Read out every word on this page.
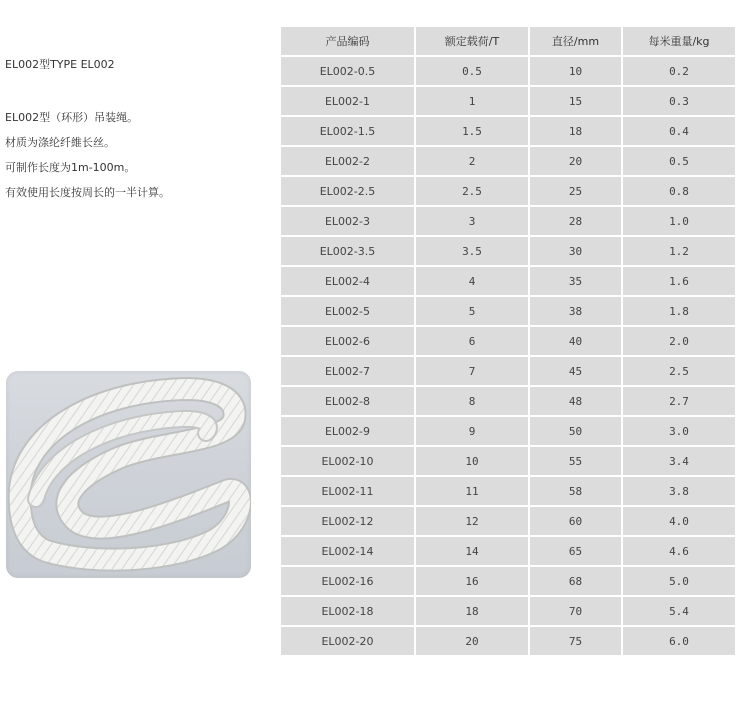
EL002型TYPE EL002
EL002型（环形）吊装绳。
材质为涤纶纤維长丝。
可制作长度为1m-100m。
有效使用长度按周长的一半计算。
产品编码	额定载荷/T	直径/mm	每米重量/kg
EL002-0.5	0.5	10	0.2
EL002-1	1	15	0.3
EL002-1.5	1.5	18	0.4
EL002-2	2	20	0.5
EL002-2.5	2.5	25	0.8
EL002-3	3	28	1.0
EL002-3.5	3.5	30	1.2
EL002-4	4	35	1.6
EL002-5	5	38	1.8
EL002-6	6	40	2.0
EL002-7	7	45	2.5
EL002-8	8	48	2.7
EL002-9	9	50	3.0
EL002-10	10	55	3.4
EL002-11	11	58	3.8
EL002-12	12	60	4.0
EL002-14	14	65	4.6
EL002-16	16	68	5.0
EL002-18	18	70	5.4
EL002-20	20	75	6.0
